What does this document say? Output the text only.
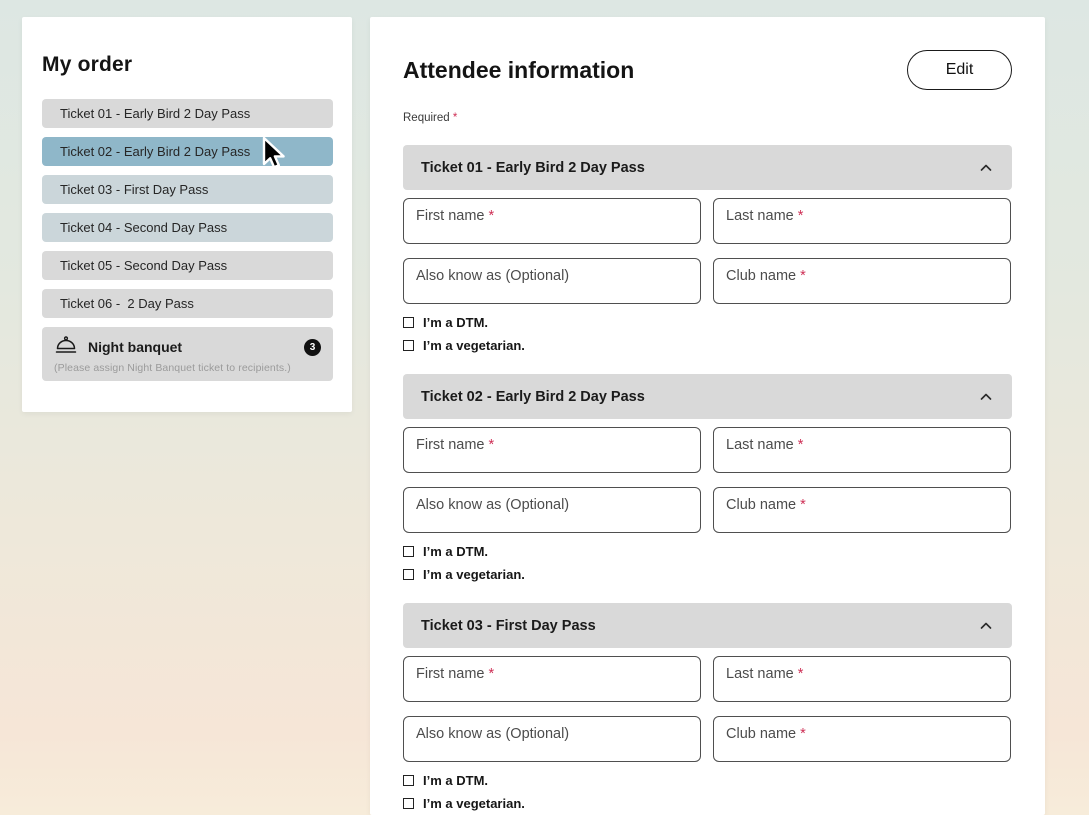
My order
Ticket 01 - Early Bird 2 Day Pass
Ticket 02 - Early Bird 2 Day Pass
Ticket 03 - First Day Pass
Ticket 04 - Second Day Pass
Ticket 05 - Second Day Pass
Ticket 06 -  2 Day Pass
Night banquet	3
(Please assign Night Banquet ticket to recipients.)
Attendee information	Edit
Required *
Ticket 01 - Early Bird 2 Day Pass
First name *	Last name *
Also know as (Optional)	Club name *
I’m a DTM.
I’m a vegetarian.
Ticket 02 - Early Bird 2 Day Pass
First name *	Last name *
Also know as (Optional)	Club name *
I’m a DTM.
I’m a vegetarian.
Ticket 03 - First Day Pass
First name *	Last name *
Also know as (Optional)	Club name *
I’m a DTM.
I’m a vegetarian.
